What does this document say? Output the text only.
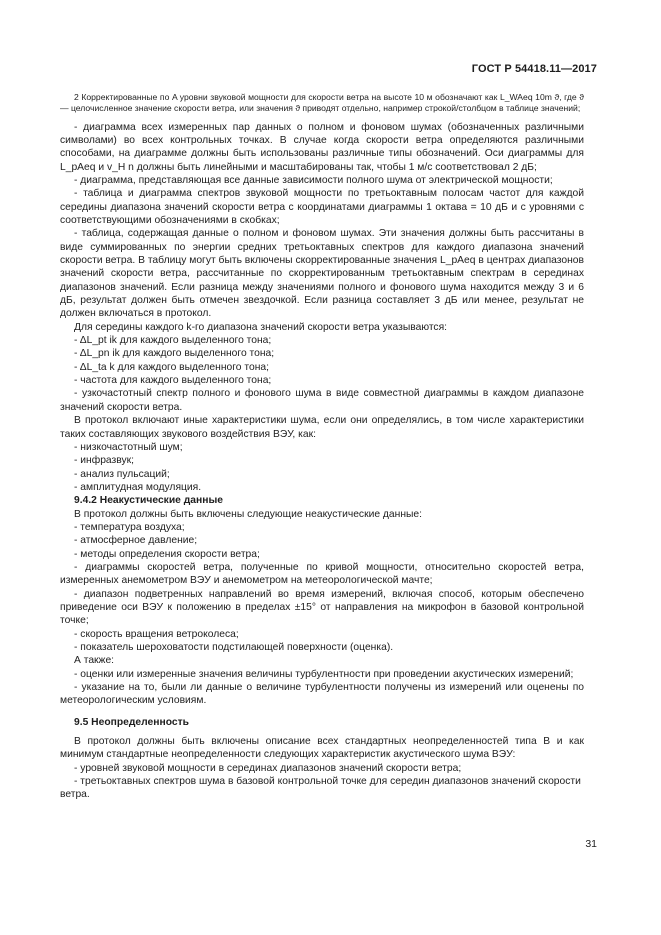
ГОСТ Р 54418.11—2017

2 Корректированные по A уровни звуковой мощности для скорости ветра на высоте 10 м обозначают как L_WAeq 10m ϑ, где ϑ — целочисленное значение скорости ветра, или значения ϑ приводят отдельно, например строкой/столбцом в таблице значений;

- диаграмма всех измеренных пар данных о полном и фоновом шумах (обозначенных различными символами) во всех контрольных точках. В случае когда скорости ветра определяются различными способами, на диаграмме должны быть использованы различные типы обозначений. Оси диаграммы для L_pAeq и v_H n должны быть линейными и масштабированы так, чтобы 1 м/с соответствовал 2 дБ;

- диаграмма, представляющая все данные зависимости полного шума от электрической мощности;

- таблица и диаграмма спектров звуковой мощности по третьоктавным полосам частот для каждой середины диапазона значений скорости ветра с координатами диаграммы 1 октава = 10 дБ и с уровнями с соответствующими обозначениями в скобках;

- таблица, содержащая данные о полном и фоновом шумах. Эти значения должны быть рассчитаны в виде суммированных по энергии средних третьоктавных спектров для каждого диапазона значений скорости ветра. В таблицу могут быть включены скорректированные значения L_pAeq в центрах диапазонов значений скорости ветра, рассчитанные по скорректированным третьоктавным спектрам в серединах диапазонов значений. Если разница между значениями полного и фонового шума находится между 3 и 6 дБ, результат должен быть отмечен звездочкой. Если разница составляет 3 дБ или менее, результат не должен включаться в протокол.

Для середины каждого k-го диапазона значений скорости ветра указываются:

- ΔL_pt ik для каждого выделенного тона;

- ΔL_pn ik для каждого выделенного тона;

- ΔL_ta k для каждого выделенного тона;

- частота для каждого выделенного тона;

- узкочастотный спектр полного и фонового шума в виде совместной диаграммы в каждом диапазоне значений скорости ветра.

В протокол включают иные характеристики шума, если они определялись, в том числе характеристики таких составляющих звукового воздействия ВЭУ, как:

- низкочастотный шум;

- инфразвук;

- анализ пульсаций;

- амплитудная модуляция.

9.4.2 Неакустические данные

В протокол должны быть включены следующие неакустические данные:

- температура воздуха;

- атмосферное давление;

- методы определения скорости ветра;

- диаграммы скоростей ветра, полученные по кривой мощности, относительно скоростей ветра, измеренных анемометром ВЭУ и анемометром на метеорологической мачте;

- диапазон подветренных направлений во время измерений, включая способ, которым обеспечено приведение оси ВЭУ к положению в пределах ±15° от направления на микрофон в базовой контрольной точке;

- скорость вращения ветроколеса;

- показатель шероховатости подстилающей поверхности (оценка).

А также:

- оценки или измеренные значения величины турбулентности при проведении акустических измерений;

- указание на то, были ли данные о величине турбулентности получены из измерений или оценены по метеорологическим условиям.

9.5 Неопределенность

В протокол должны быть включены описание всех стандартных неопределенностей типа В и как минимум стандартные неопределенности следующих характеристик акустического шума ВЭУ:

- уровней звуковой мощности в серединах диапазонов значений скорости ветра;

- третьоктавных спектров шума в базовой контрольной точке для середин диапазонов значений скорости ветра.

31
